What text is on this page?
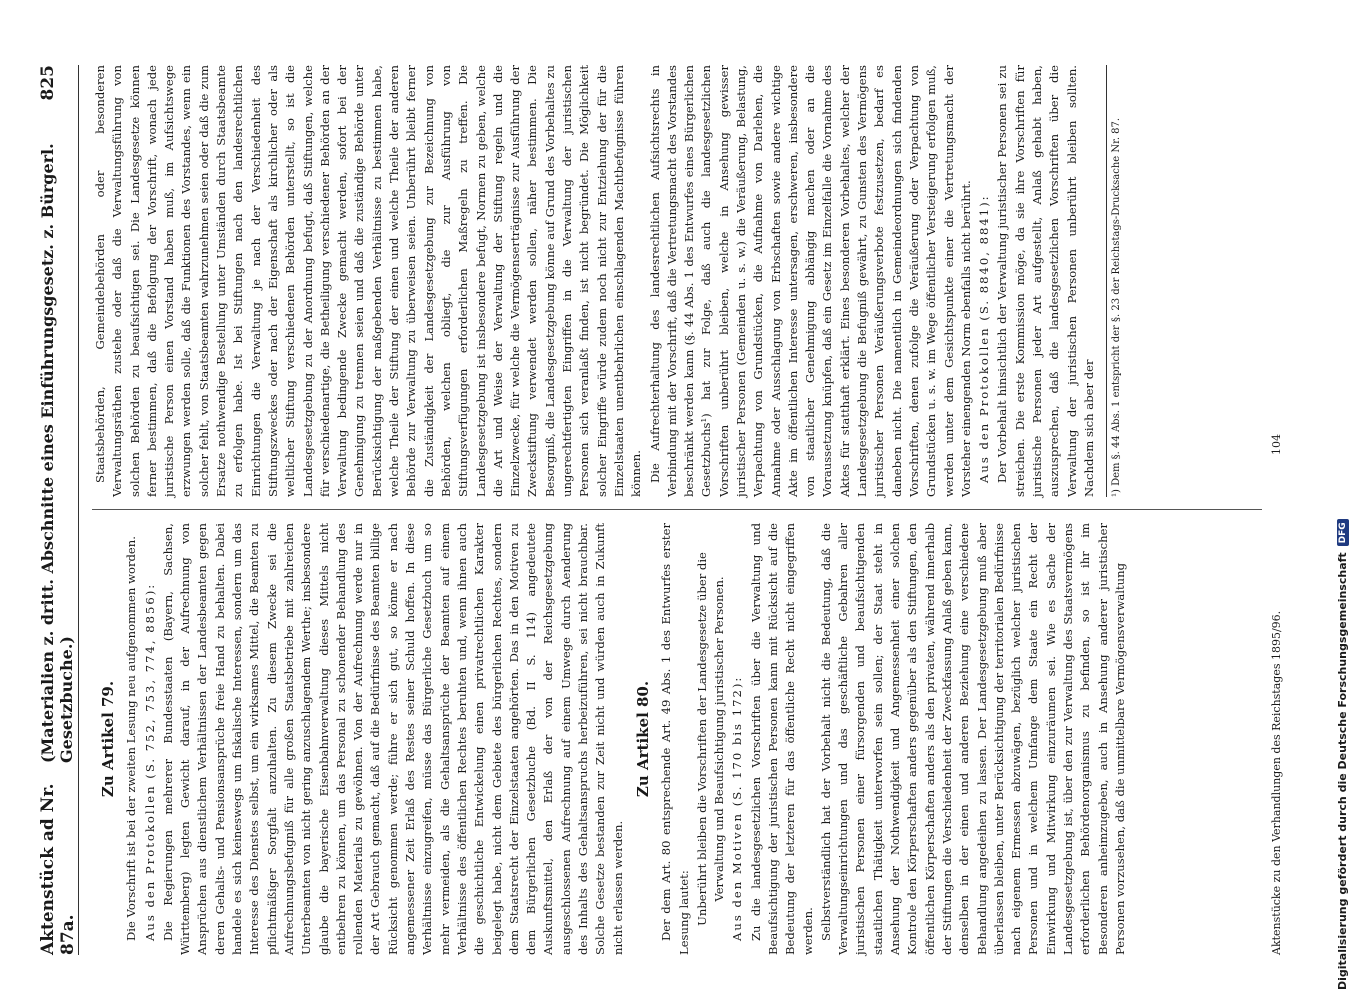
Aktenstück ad Nr. 87a.
(Materialien z. dritt. Abschnitte eines Einführungsgesetz. z. Bürgerl. Gesetzbuche.)
825
Zu Artikel 79. Die Vorschrift ist bei der zweiten Lesung neu aufgenommen worden. Aus den Protokollen (S. 752, 753, 774, 8856): Die Regierungen mehrerer Bundesstaaten (Bayern, Sachsen, Württemberg) legten Gewicht darauf, in der Aufrechnung von Ansprüchen aus dienstlichem Verhältnissen der Landesbeamten gegen deren Gehalts- und Pensionsansprüche freie Hand zu behalten. Dabei handele es sich keineswegs um fiskalische Interessen, sondern um das Interesse des Dienstes selbst, um ein wirksames Mittel, die Beamten zu pflichtmäßiger Sorgfalt anzuhalten. Zu diesem Zwecke sei die Aufrechnungsbefugniß für alle großen Staatsbetriebe mit zahlreichen Unterbeamten von nicht gering anzuschlagendem Werthe; insbesondere glaube die bayerische Eisenbahnverwaltung dieses Mittels nicht entbehren zu können, um das Personal zu schonender Behandlung des rollenden Materials zu gewöhnen. Von der Aufrechnung werde nur in der Art Gebrauch gemacht, daß auf die Bedürfnisse des Beamten billige Rücksicht genommen werde; führe er sich gut, so könne er nach angemessener Zeit Erlaß des Restes seiner Schuld hoffen. In diese Verhältnisse einzugreifen, müsse das Bürgerliche Gesetzbuch um so mehr vermeiden, als die Gehaltsansprüche der Beamten auf einem Verhältnisse des öffentlichen Rechtes beruhten und, wenn ihnen auch die geschichtliche Entwickelung einen privatrechtlichen Karakter beigelegt habe, nicht dem Gebiete des bürgerlichen Rechtes, sondern dem Staatsrecht der Einzelstaaten angehörten. Das in den Motiven zu dem Bürgerlichen Gesetzbuche (Bd. II S. 114) angedeutete Auskunftsmittel, den Erlaß der von der Reichsgesetzgebung ausgeschlossenen Aufrechnung auf einem Umwege durch Aenderung des Inhalts des Gehaltsanspruchs herbeizuführen, sei nicht brauchbar. Solche Gesetze bestanden zur Zeit nicht und würden auch in Zukunft nicht erlassen werden.

Zu Artikel 80. Der dem Art. 80 entsprechende Art. 49 Abs. 1 des Entwurfes erster Lesung lautet: Unberührt bleiben die Vorschriften der Landesgesetze über die Verwaltung und Beaufsichtigung juristischer Personen. Aus den Motiven (S. 170 bis 172): Zu die landesgesetzlichen Vorschriften über die Verwaltung und Beaufsichtigung der juristischen Personen kann mit Rücksicht auf die Bedeutung der letzteren für das öffentliche Recht nicht eingegriffen werden. Selbstverständlich hat der Vorbehalt nicht die Bedeutung, daß die Verwaltungseinrichtungen und das geschäftliche Gebahren aller juristischen Personen einer fürsorgenden und beaufsichtigenden staatlichen Thätigkeit unterworfen sein sollen; der Staat steht in Ansehung der Nothwendigkeit und Angemessenheit einer solchen Kontrole den Körperschaften anders gegenüber als den Stiftungen, den öffentlichen Körperschaften anders als den privaten, während innerhalb der Stiftungen die Verschiedenheit der Zweckfassung Anlaß geben kann, denselben in der einen und anderen Beziehung eine verschiedene Behandlung angedeihen zu lassen. Der Landesgesetzgebung muß aber überlassen bleiben, unter Berücksichtigung der territorialen Bedürfnisse nach eigenem Ermessen abzuwägen, bezüglich welcher juristischen Personen und in welchem Umfange dem Staate ein Recht der Einwirkung und Mitwirkung einzuräumen sei. Wie es Sache der Landesgesetzgebung ist, über den zur Verwaltung des Staatsvermögens erforderlichen Behördenorganismus zu befinden, so ist ihr im Besonderen anheimzugeben, auch in Ansehung anderer juristischer Personen vorzusehen, daß die unmittelbare Vermögensverwaltung

Staatsbehörden, Gemeindebehörden oder besonderen Verwaltungsräthen zustehe oder daß die Verwaltungsführung von solchen Behörden zu beaufsichtigen sei. Die Landesgesetze können ferner bestimmen, daß die Befolgung der Vorschrift, wonach jede juristische Person einen Vorstand haben muß, im Aufsichtswege erzwungen werden solle, daß die Funktionen des Vorstandes, wenn ein solcher fehlt, von Staatsbeamten wahrzunehmen seien oder daß die zum Ersatze nothwendige Bestellung unter Umständen durch Staatsbeamte zu erfolgen habe. Ist bei Stiftungen nach den landesrechtlichen Einrichtungen die Verwaltung je nach der Verschiedenheit des Stiftungszweckes oder nach der Eigenschaft als kirchlicher oder als weltlicher Stiftung verschiedenen Behörden unterstellt, so ist die Landesgesetzgebung zu der Anordnung befugt, daß Stiftungen, welche für verschiedenartige, die Betheiligung verschiedener Behörden an der Verwaltung bedingende Zwecke gemacht werden, sofort bei der Genehmigung zu trennen seien und daß die zuständige Behörde unter Berücksichtigung der maßgebenden Verhältnisse zu bestimmen habe, welche Theile der Stiftung der einen und welche Theile der anderen Behörde zur Verwaltung zu überweisen seien. Unberührt bleibt ferner die Zuständigkeit der Landesgesetzgebung zur Bezeichnung von Behörden, welchen obliegt, die zur Ausführung von Stiftungsverfügungen erforderlichen Maßregeln zu treffen. Die Landesgesetzgebung ist insbesondere befugt, Normen zu geben, welche die Art und Weise der Verwaltung der Stiftung regeln und die Einzelzwecke, für welche die Vermögenserträgnisse zur Ausführung der Zweckstiftung verwendet werden sollen, näher bestimmen. Die Besorgniß, die Landesgesetzgebung könne auf Grund des Vorbehaltes zu ungerechtfertigten Eingriffen in die Verwaltung der juristischen Personen sich veranlaßt finden, ist nicht begründet. Die Möglichkeit solcher Eingriffe würde zudem noch nicht zur Entziehung der für die Einzelstaaten unentbehrlichen einschlagenden Machtbefugnisse führen können. Die Aufrechterhaltung des landesrechtlichen Aufsichtsrechts in Verbindung mit der Vorschrift, daß die Vertretungsmacht des Vorstandes beschränkt werden kann (§. 44 Abs. 1 des Entwurfes eines Bürgerlichen Gesetzbuchs¹) hat zur Folge, daß auch die landesgesetzlichen Vorschriften unberührt bleiben, welche in Ansehung gewisser juristischer Personen (Gemeinden u. s. w.) die Veräußerung, Belastung, Verpachtung von Grundstücken, die Aufnahme von Darlehen, die Annahme oder Ausschlagung von Erbschaften sowie andere wichtige Akte im öffentlichen Interesse untersagen, erschweren, insbesondere von staatlicher Genehmigung abhängig machen oder an die Voraussetzung knüpfen, daß ein Gesetz im Einzelfalle die Vornahme des Aktes für statthaft erklärt. Eines besonderen Vorbehaltes, welcher der Landesgesetzgebung die Befugniß gewährt, zu Gunsten des Vermögens juristischer Personen Veräußerungsverbote festzusetzen, bedarf es daneben nicht. Die namentlich in Gemeindeordnungen sich findenden Vorschriften, denen zufolge die Veräußerung oder Verpachtung von Grundstücken u. s. w. im Wege öffentlicher Versteigerung erfolgen muß, werden unter dem Gesichtspunkte einer die Vertretungsmacht der Vorsteher einengenden Norm ebenfalls nicht berührt. Aus den Protokollen (S. 8840, 8841): Der Vorbehalt hinsichtlich der Verwaltung juristischer Personen sei zu streichen. Die erste Kommission möge, da sie ihre Vorschriften für juristische Personen jeder Art aufgestellt, Anlaß gehabt haben, auszusprechen, daß die landesgesetzlichen Vorschriften über die Verwaltung der juristischen Personen unberührt bleiben sollten. Nachdem sich aber der	¹) Dem §. 44 Abs. 1 entspricht der §. 23 der Reichstags-Drucksache Nr. 87.
Aktenstücke zu den Verhandlungen des Reichstages 1895/96.
104
Digitalisierung gefördert durch die Deutsche Forschungsgemeinschaft
DFG
